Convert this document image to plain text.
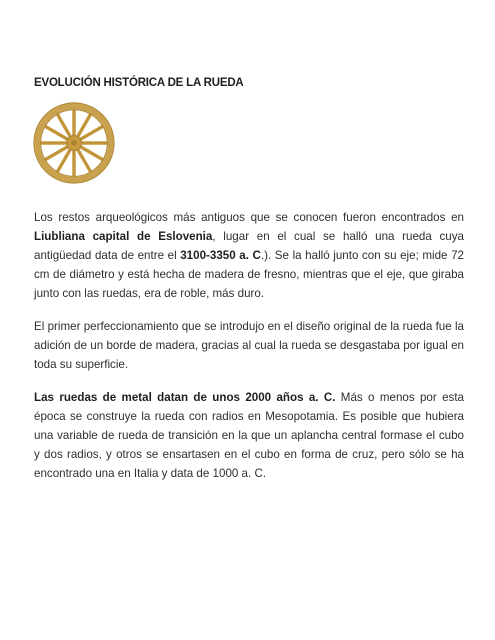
EVOLUCIÓN HISTÓRICA DE LA RUEDA

Los restos arqueológicos más antiguos que se conocen fueron encontrados en Liubliana capital de Eslovenia, lugar en el cual se halló una rueda cuya antigüedad data de entre el 3100-3350 a. C.). Se la halló junto con su eje; mide 72 cm de diámetro y está hecha de madera de fresno, mientras que el eje, que giraba junto con las ruedas, era de roble, más duro.

El primer perfeccionamiento que se introdujo en el diseño original de la rueda fue la adición de un borde de madera, gracias al cual la rueda se desgastaba por igual en toda su superficie.

Las ruedas de metal datan de unos 2000 años a. C. Más o menos por esta época se construye la rueda con radios en Mesopotamia. Es posible que hubiera una variable de rueda de transición en la que un aplancha central formase el cubo y dos radios, y otros se ensartasen en el cubo en forma de cruz, pero sólo se ha encontrado una en Italia y data de 1000 a. C.
